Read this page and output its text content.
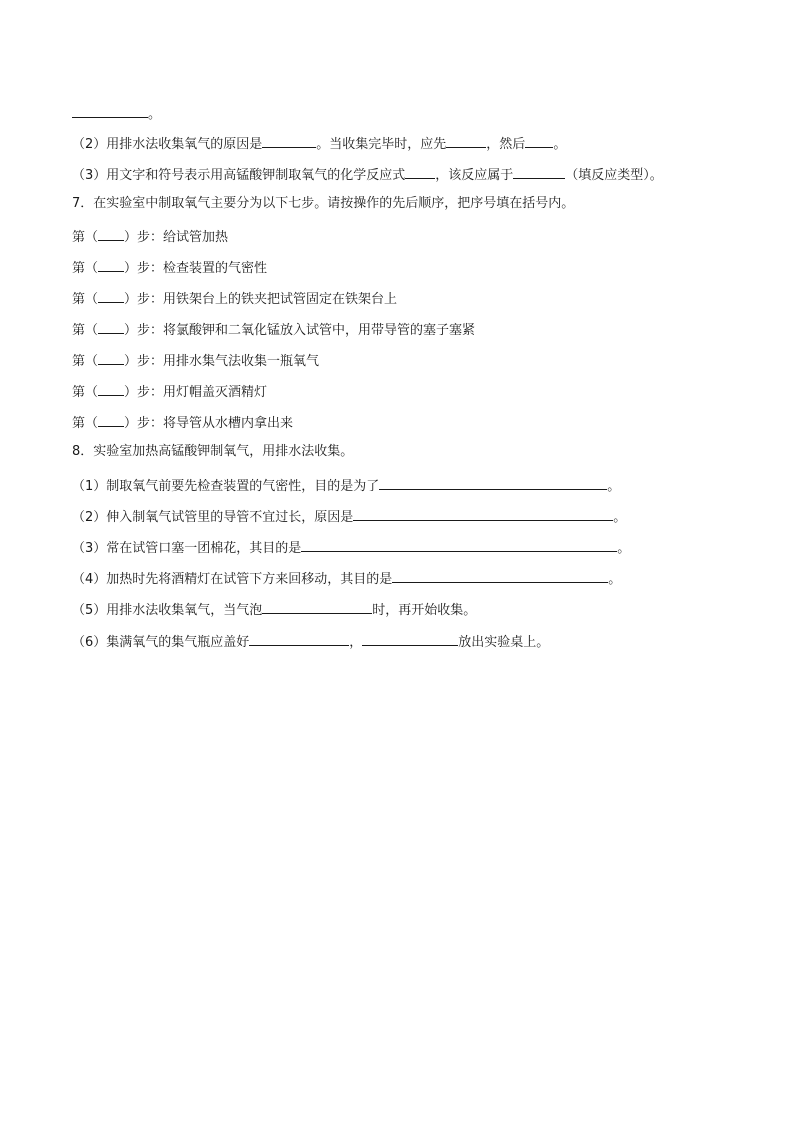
。
（2）用排水法收集氧气的原因是	。当收集完毕时，应先	，然后 。
（3）用文字和符号表示用高锰酸钾制取氧气的化学反应式 ，该反应属于	（填反应类型）。
7．在实验室中制取氧气主要分为以下七步。请按操作的先后顺序，把序号填在括号内。
第（ ）步：给试管加热
第（ ）步：检查装置的气密性
第（ ）步：用铁架台上的铁夹把试管固定在铁架台上
第（ ）步：将氯酸钾和二氧化锰放入试管中，用带导管的塞子塞紧
第（ ）步：用排水集气法收集一瓶氧气
第（ ）步：用灯帽盖灭酒精灯
第（ ）步：将导管从水槽内拿出来
8．实验室加热高锰酸钾制氧气，用排水法收集。
（1）制取氧气前要先检查装置的气密性，目的是为了	。
（2）伸入制氧气试管里的导管不宜过长，原因是	。
（3）常在试管口塞一团棉花，其目的是	。
（4）加热时先将酒精灯在试管下方来回移动，其目的是	。
（5）用排水法收集氧气，当气泡	时，再开始收集。
（6）集满氧气的集气瓶应盖好	，	放出实验桌上。
